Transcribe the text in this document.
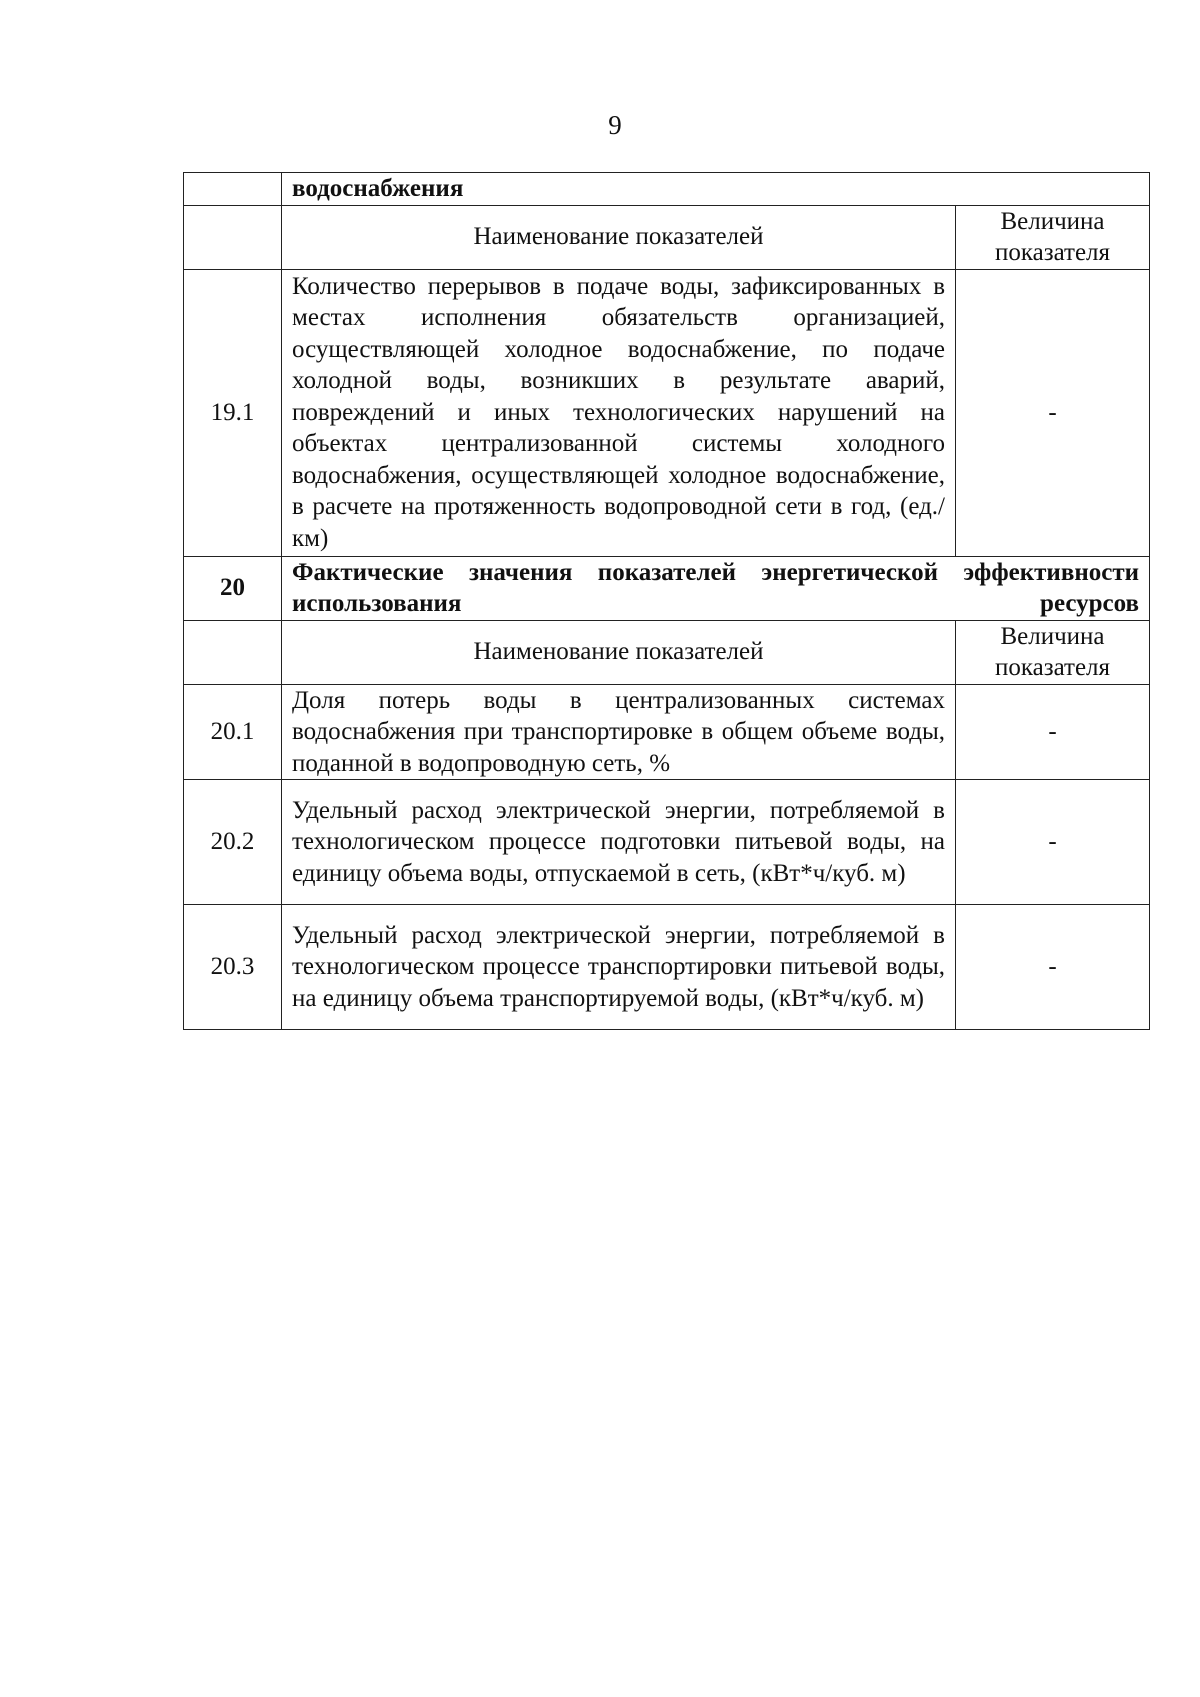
9
	водоснабжения	
	Наименование показателей	Величина показателя
19.1	Количество перерывов в подаче воды, зафиксированных в местах исполнения обязательств организацией, осуществляющей холодное водоснабжение, по подаче холодной воды, возникших в результате аварий, повреждений и иных технологических нарушений на объектах централизованной системы холодного водоснабжения, осуществляющей холодное водоснабжение, в расчете на протяженность водопроводной сети в год, (ед./км)	-
20	Фактические значения показателей энергетической эффективности использования ресурсов	
	Наименование показателей	Величина показателя
20.1	Доля потерь воды в централизованных системах водоснабжения при транспортировке в общем объеме воды, поданной в водопроводную сеть, %	-
20.2	Удельный расход электрической энергии, потребляемой в технологическом процессе подготовки питьевой воды, на единицу объема воды, отпускаемой в сеть, (кВт*ч/куб. м)	-
20.3	Удельный расход электрической энергии, потребляемой в технологическом процессе транспортировки питьевой воды, на единицу объема транспортируемой воды, (кВт*ч/куб. м)	-
